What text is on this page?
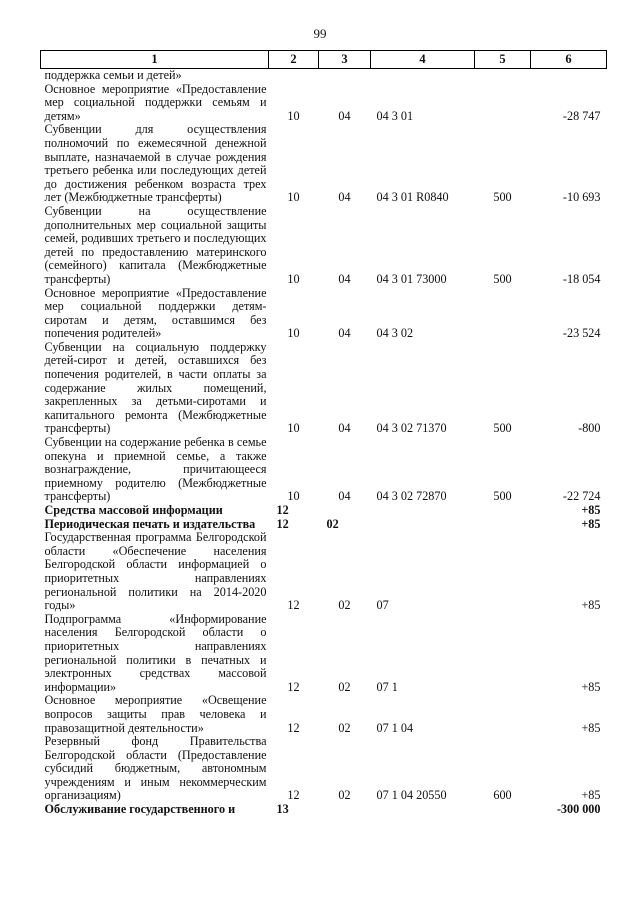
99
1	2	3	4	5	6
поддержка семьи и детей»					
Основное мероприятие «Предоставление мер социальной поддержки семьям и детям»	10	04	04 3 01		-28 747
Субвенции для осуществления полномочий по ежемесячной денежной выплате, назначаемой в случае рождения третьего ребенка или последующих детей до достижения ребенком возраста трех лет (Межбюджетные трансферты)	10	04	04 3 01 R0840	500	-10 693
Субвенции на осуществление дополнительных мер социальной защиты семей, родивших третьего и последующих детей по предоставлению материнского (семейного) капитала (Межбюджетные трансферты)	10	04	04 3 01 73000	500	-18 054
Основное мероприятие «Предоставление мер социальной поддержки детям-сиротам и детям, оставшимся без попечения родителей»	10	04	04 3 02		-23 524
Субвенции на социальную поддержку детей-сирот и детей, оставшихся без попечения родителей, в части оплаты за содержание жилых помещений, закрепленных за детьми-сиротами и капитального ремонта (Межбюджетные трансферты)	10	04	04 3 02 71370	500	-800
Субвенции на содержание ребенка в семье опекуна и приемной семье, а также вознаграждение, причитающееся приемному родителю (Межбюджетные трансферты)	10	04	04 3 02 72870	500	-22 724
Средства массовой информации	12				+85
Периодическая печать и издательства	12	02			+85
Государственная программа Белгородской области «Обеспечение населения Белгородской области информацией о приоритетных направлениях региональной политики на 2014-2020 годы»	12	02	07		+85
Подпрограмма «Информирование населения Белгородской области о приоритетных направлениях региональной политики в печатных и электронных средствах массовой информации»	12	02	07 1		+85
Основное мероприятие «Освещение вопросов защиты прав человека и правозащитной деятельности»	12	02	07 1 04		+85
Резервный фонд Правительства Белгородской области (Предоставление субсидий бюджетным, автономным учреждениям и иным некоммерческим организациям)	12	02	07 1 04 20550	600	+85
Обслуживание государственного и	13				-300 000
